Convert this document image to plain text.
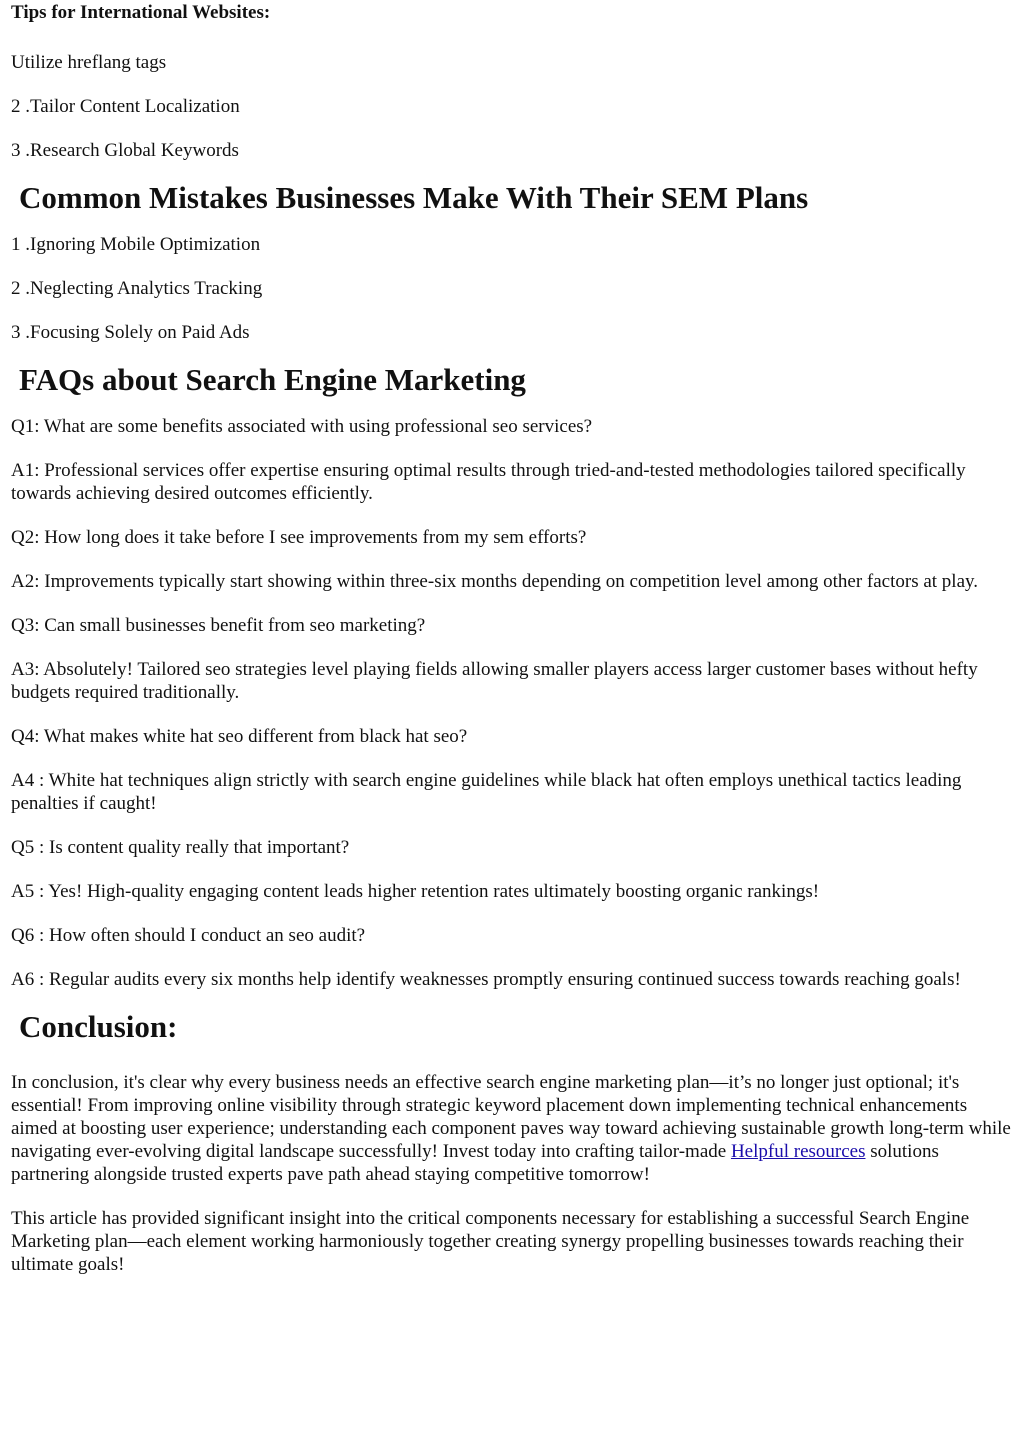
Tips for International Websites:

Utilize hreflang tags

2 .Tailor Content Localization

3 .Research Global Keywords

Common Mistakes Businesses Make With Their SEM Plans

1 .Ignoring Mobile Optimization

2 .Neglecting Analytics Tracking

3 .Focusing Solely on Paid Ads

FAQs about Search Engine Marketing

Q1: What are some benefits associated with using professional seo services?

A1: Professional services offer expertise ensuring optimal results through tried-and-tested methodologies tailored specifically towards achieving desired outcomes efficiently.

Q2: How long does it take before I see improvements from my sem efforts?

A2: Improvements typically start showing within three-six months depending on competition level among other factors at play.

Q3: Can small businesses benefit from seo marketing?

A3: Absolutely! Tailored seo strategies level playing fields allowing smaller players access larger customer bases without hefty budgets required traditionally.

Q4: What makes white hat seo different from black hat seo?

A4 : White hat techniques align strictly with search engine guidelines while black hat often employs unethical tactics leading penalties if caught!

Q5 : Is content quality really that important?

A5 : Yes! High-quality engaging content leads higher retention rates ultimately boosting organic rankings!

Q6 : How often should I conduct an seo audit?

A6 : Regular audits every six months help identify weaknesses promptly ensuring continued success towards reaching goals!

Conclusion:

In conclusion, it's clear why every business needs an effective search engine marketing plan—it’s no longer just optional; it's essential! From improving online visibility through strategic keyword placement down implementing technical enhancements aimed at boosting user experience; understanding each component paves way toward achieving sustainable growth long-term while navigating ever-evolving digital landscape successfully! Invest today into crafting tailor-made Helpful resources solutions partnering alongside trusted experts pave path ahead staying competitive tomorrow!

This article has provided significant insight into the critical components necessary for establishing a successful Search Engine Marketing plan—each element working harmoniously together creating synergy propelling businesses towards reaching their ultimate goals!
